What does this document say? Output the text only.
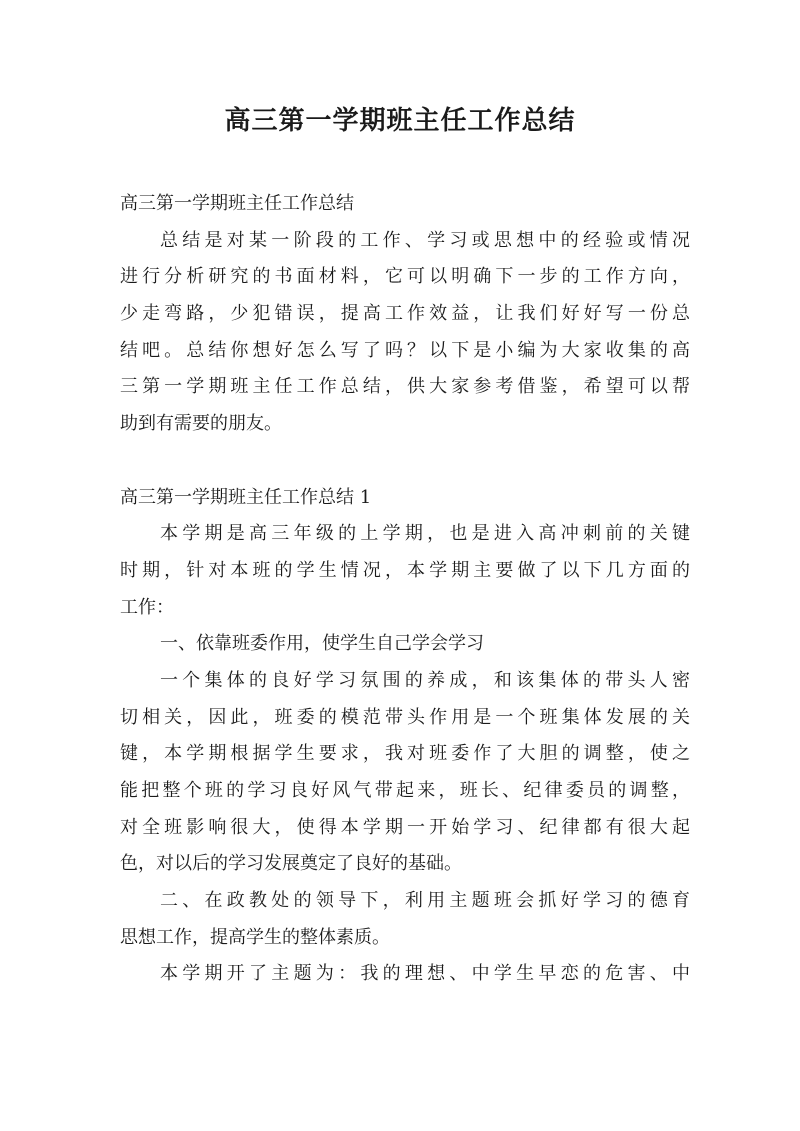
高三第一学期班主任工作总结
高三第一学期班主任工作总结
总结是对某一阶段的工作、学习或思想中的经验或情况
进行分析研究的书面材料，它可以明确下一步的工作方向，
少走弯路，少犯错误，提高工作效益，让我们好好写一份总
结吧。总结你想好怎么写了吗？以下是小编为大家收集的高
三第一学期班主任工作总结，供大家参考借鉴，希望可以帮
助到有需要的朋友。
高三第一学期班主任工作总结 1
本学期是高三年级的上学期，也是进入高冲刺前的关键
时期，针对本班的学生情况，本学期主要做了以下几方面的
工作：
一、依靠班委作用，使学生自己学会学习
一个集体的良好学习氛围的养成，和该集体的带头人密
切相关，因此，班委的模范带头作用是一个班集体发展的关
键，本学期根据学生要求，我对班委作了大胆的调整，使之
能把整个班的学习良好风气带起来，班长、纪律委员的调整，
对全班影响很大，使得本学期一开始学习、纪律都有很大起
色，对以后的学习发展奠定了良好的基础。
二、在政教处的领导下，利用主题班会抓好学习的德育
思想工作，提高学生的整体素质。
本学期开了主题为：我的理想、中学生早恋的危害、中
